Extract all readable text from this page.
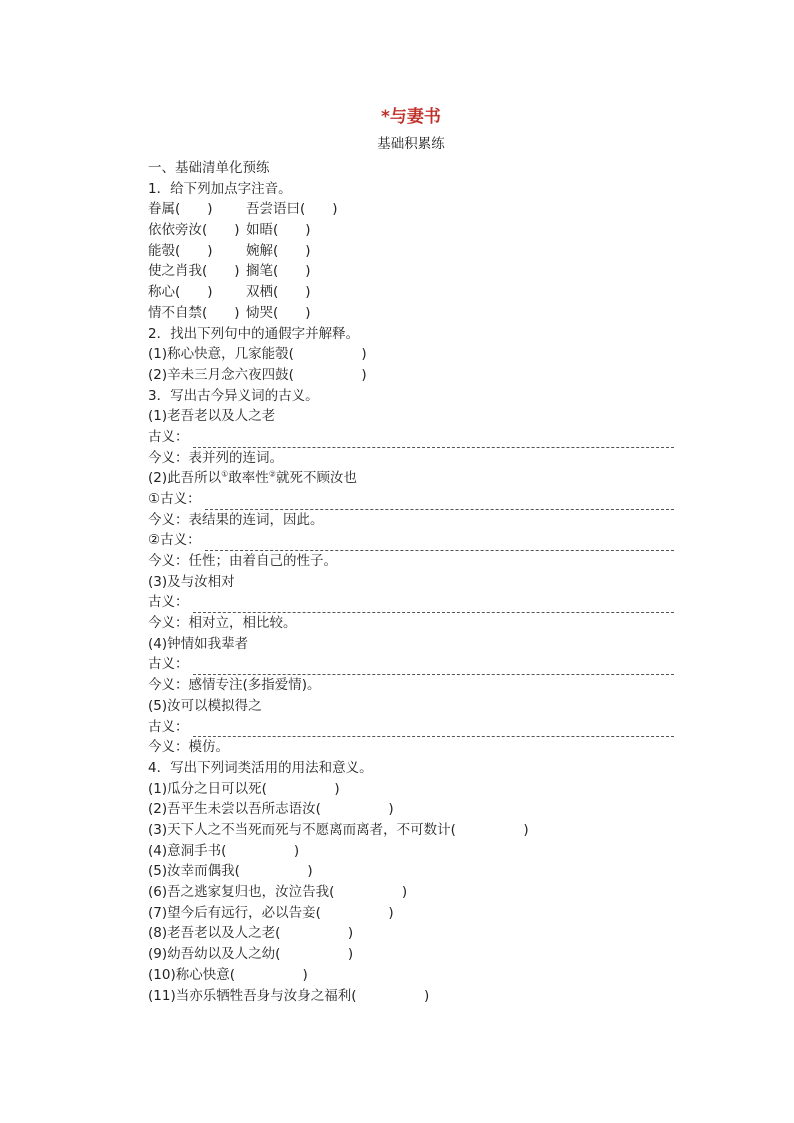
*与妻书
基础积累练
一、基础清单化预练
1．给下列加点字注音。
眷属(　　)	吾尝语曰(　　)
依依旁汝(　　) 如晤(　　)
能彀(　　)	婉解(　　)
使之肖我(　　) 搁笔(　　)
称心(　　)	双栖(　　)
情不自禁(　　) 恸哭(　　)
2．找出下列句中的通假字并解释。
(1)称心快意，几家能彀(　　　　　)
(2)辛未三月念六夜四鼓(　　　　　)
3．写出古今异义词的古义。
(1)老吾老以及人之老
古义：
今义：表并列的连词。
(2)此吾所以①敢率性②就死不顾汝也
①古义：
今义：表结果的连词，因此。
②古义：
今义：任性；由着自己的性子。
(3)及与汝相对
古义：
今义：相对立，相比较。
(4)钟情如我辈者
古义：
今义：感情专注(多指爱情)。
(5)汝可以模拟得之
古义：
今义：模仿。
4．写出下列词类活用的用法和意义。
(1)瓜分之日可以死(　　　　　)
(2)吾平生未尝以吾所志语汝(　　　　　)
(3)天下人之不当死而死与不愿离而离者，不可数计(　　　　　)
(4)意洞手书(　　　　　)
(5)汝幸而偶我(　　　　　)
(6)吾之逃家复归也，汝泣告我(　　　　　)
(7)望今后有远行，必以告妾(　　　　　)
(8)老吾老以及人之老(　　　　　)
(9)幼吾幼以及人之幼(　　　　　)
(10)称心快意(　　　　　)
(11)当亦乐牺牲吾身与汝身之福利(　　　　　)
